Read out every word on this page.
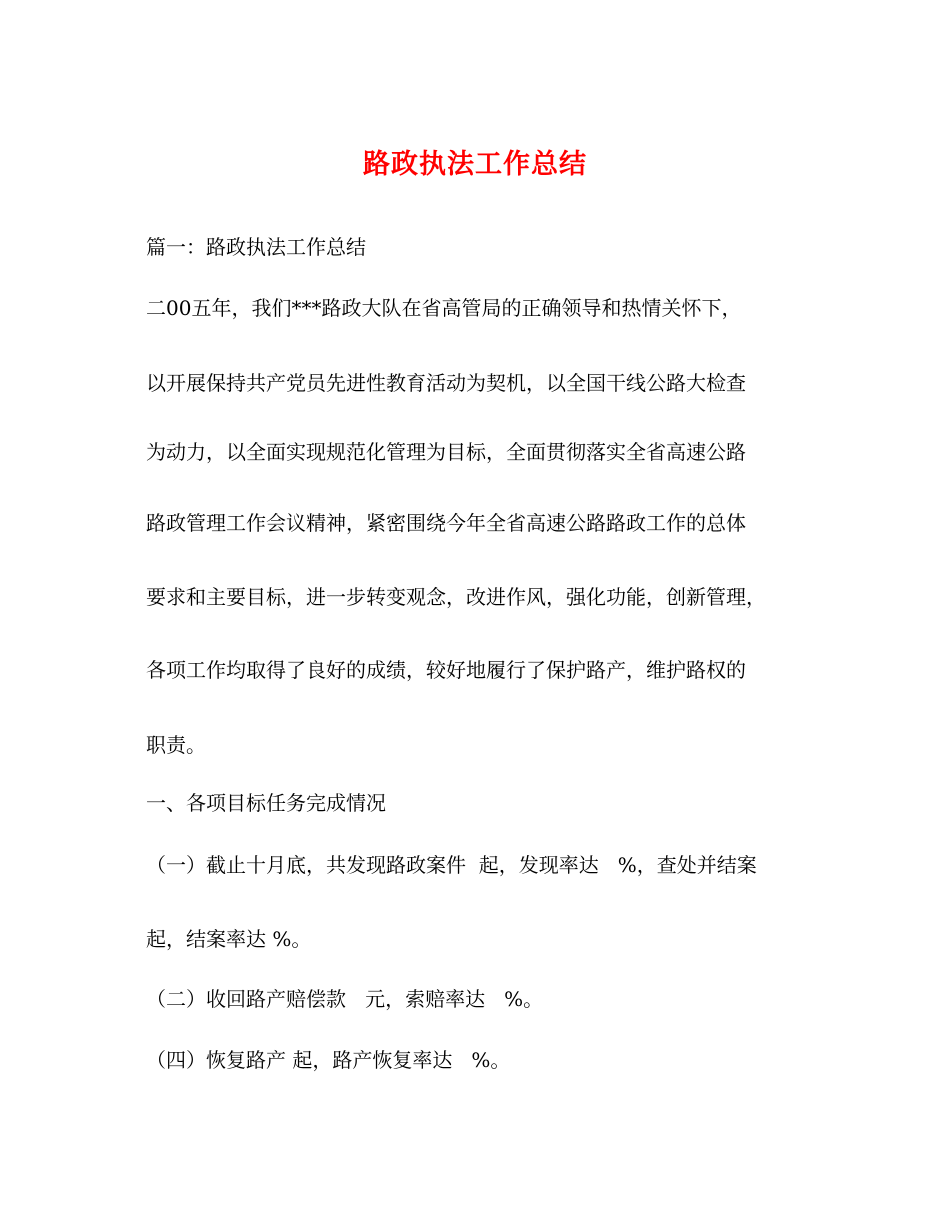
路政执法工作总结
篇一：路政执法工作总结
二00五年，我们***路政大队在省高管局的正确领导和热情关怀下，
以开展保持共产党员先进性教育活动为契机，以全国干线公路大检查
为动力，以全面实现规范化管理为目标，全面贯彻落实全省高速公路
路政管理工作会议精神，紧密围绕今年全省高速公路路政工作的总体
要求和主要目标，进一步转变观念，改进作风，强化功能，创新管理，
各项工作均取得了良好的成绩，较好地履行了保护路产，维护路权的
职责。
一、各项目标任务完成情况
（一）截止十月底，共发现路政案件  起，发现率达   %，查处并结案
起，结案率达 %。
（二）收回路产赔偿款   元，索赔率达   %。
（四）恢复路产 起，路产恢复率达   %。
